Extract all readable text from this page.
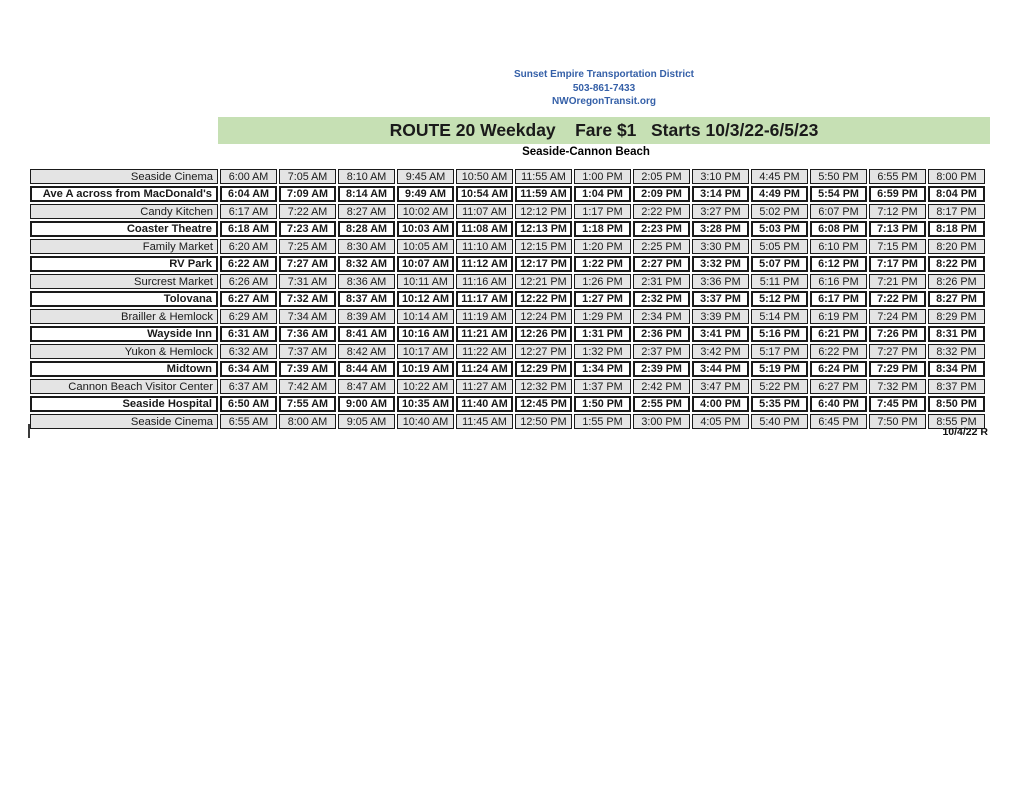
Sunset Empire Transportation District
503-861-7433
NWOregonTransit.org
ROUTE 20 Weekday    Fare $1   Starts 10/3/22-6/5/23
Seaside-Cannon Beach
Seaside Cinema	6:00 AM	7:05 AM	8:10 AM	9:45 AM	10:50 AM	11:55 AM	1:00 PM	2:05 PM	3:10 PM	4:45 PM	5:50 PM	6:55 PM	8:00 PM
Ave A across from MacDonald's	6:04 AM	7:09 AM	8:14 AM	9:49 AM	10:54 AM	11:59 AM	1:04 PM	2:09 PM	3:14 PM	4:49 PM	5:54 PM	6:59 PM	8:04 PM
Candy Kitchen	6:17 AM	7:22 AM	8:27 AM	10:02 AM	11:07 AM	12:12 PM	1:17 PM	2:22 PM	3:27 PM	5:02 PM	6:07 PM	7:12 PM	8:17 PM
Coaster Theatre	6:18 AM	7:23 AM	8:28 AM	10:03 AM	11:08 AM	12:13 PM	1:18 PM	2:23 PM	3:28 PM	5:03 PM	6:08 PM	7:13 PM	8:18 PM
Family Market	6:20 AM	7:25 AM	8:30 AM	10:05 AM	11:10 AM	12:15 PM	1:20 PM	2:25 PM	3:30 PM	5:05 PM	6:10 PM	7:15 PM	8:20 PM
RV Park	6:22 AM	7:27 AM	8:32 AM	10:07 AM	11:12 AM	12:17 PM	1:22 PM	2:27 PM	3:32 PM	5:07 PM	6:12 PM	7:17 PM	8:22 PM
Surcrest Market	6:26 AM	7:31 AM	8:36 AM	10:11 AM	11:16 AM	12:21 PM	1:26 PM	2:31 PM	3:36 PM	5:11 PM	6:16 PM	7:21 PM	8:26 PM
Tolovana	6:27 AM	7:32 AM	8:37 AM	10:12 AM	11:17 AM	12:22 PM	1:27 PM	2:32 PM	3:37 PM	5:12 PM	6:17 PM	7:22 PM	8:27 PM
Brailler & Hemlock	6:29 AM	7:34 AM	8:39 AM	10:14 AM	11:19 AM	12:24 PM	1:29 PM	2:34 PM	3:39 PM	5:14 PM	6:19 PM	7:24 PM	8:29 PM
Wayside Inn	6:31 AM	7:36 AM	8:41 AM	10:16 AM	11:21 AM	12:26 PM	1:31 PM	2:36 PM	3:41 PM	5:16 PM	6:21 PM	7:26 PM	8:31 PM
Yukon & Hemlock	6:32 AM	7:37 AM	8:42 AM	10:17 AM	11:22 AM	12:27 PM	1:32 PM	2:37 PM	3:42 PM	5:17 PM	6:22 PM	7:27 PM	8:32 PM
Midtown	6:34 AM	7:39 AM	8:44 AM	10:19 AM	11:24 AM	12:29 PM	1:34 PM	2:39 PM	3:44 PM	5:19 PM	6:24 PM	7:29 PM	8:34 PM
Cannon Beach Visitor Center	6:37 AM	7:42 AM	8:47 AM	10:22 AM	11:27 AM	12:32 PM	1:37 PM	2:42 PM	3:47 PM	5:22 PM	6:27 PM	7:32 PM	8:37 PM
Seaside Hospital	6:50 AM	7:55 AM	9:00 AM	10:35 AM	11:40 AM	12:45 PM	1:50 PM	2:55 PM	4:00 PM	5:35 PM	6:40 PM	7:45 PM	8:50 PM
Seaside Cinema	6:55 AM	8:00 AM	9:05 AM	10:40 AM	11:45 AM	12:50 PM	1:55 PM	3:00 PM	4:05 PM	5:40 PM	6:45 PM	7:50 PM	8:55 PM
10/4/22 R
